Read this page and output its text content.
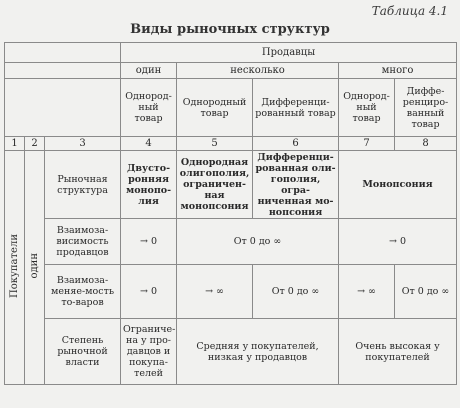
Таблица 4.1
Виды рыночных структур
			Продавцы				
			один	несколько		много	
			Однород-ный товар	Однородный товар	Дифференци-рованный товар	Однород-ный товар	Диффе-ренциро-ванный товар
1	2	3	4	5	6	7	8
Покупатели	один	Рыночная структура	Двусто-ронняя монопо-лия	Однородная олигополия, ограничен-ная монопсония	Дифференци-рованная оли-гополия, огра-ниченная мо-нопсония	Монопсония	
		Взаимоза-висимость продавцов	→ 0	От 0 до ∞		→ 0	
		Взаимоза-меняе-мость то-варов	→ 0	→ ∞	От 0 до ∞	→ ∞	От 0 до ∞
		Степень рыночной власти	Ограниче-на у про-давцов и покупа-телей	Средняя у покупателей, низкая у продавцов		Очень высокая у покупателей	
